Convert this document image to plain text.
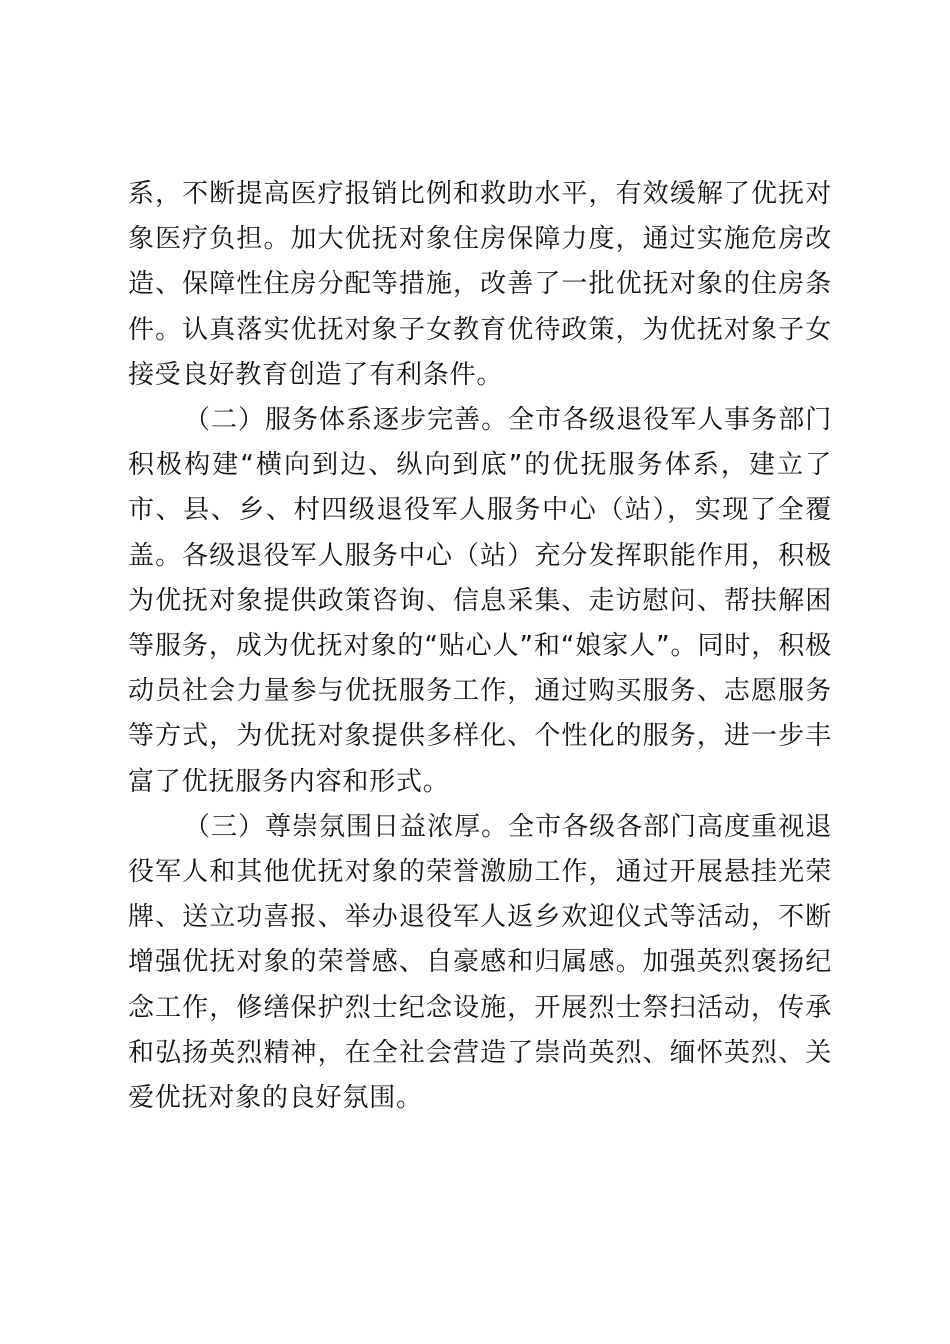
系，不断提高医疗报销比例和救助水平，有效缓解了优抚对象医疗负担。加大优抚对象住房保障力度，通过实施危房改造、保障性住房分配等措施，改善了一批优抚对象的住房条件。认真落实优抚对象子女教育优待政策，为优抚对象子女接受良好教育创造了有利条件。

（二）服务体系逐步完善。全市各级退役军人事务部门积极构建“横向到边、纵向到底”的优抚服务体系，建立了市、县、乡、村四级退役军人服务中心（站），实现了全覆盖。各级退役军人服务中心（站）充分发挥职能作用，积极为优抚对象提供政策咨询、信息采集、走访慰问、帮扶解困等服务，成为优抚对象的“贴心人”和“娘家人”。同时，积极动员社会力量参与优抚服务工作，通过购买服务、志愿服务等方式，为优抚对象提供多样化、个性化的服务，进一步丰富了优抚服务内容和形式。

（三）尊崇氛围日益浓厚。全市各级各部门高度重视退役军人和其他优抚对象的荣誉激励工作，通过开展悬挂光荣牌、送立功喜报、举办退役军人返乡欢迎仪式等活动，不断增强优抚对象的荣誉感、自豪感和归属感。加强英烈褒扬纪念工作，修缮保护烈士纪念设施，开展烈士祭扫活动，传承和弘扬英烈精神，在全社会营造了崇尚英烈、缅怀英烈、关爱优抚对象的良好氛围。
